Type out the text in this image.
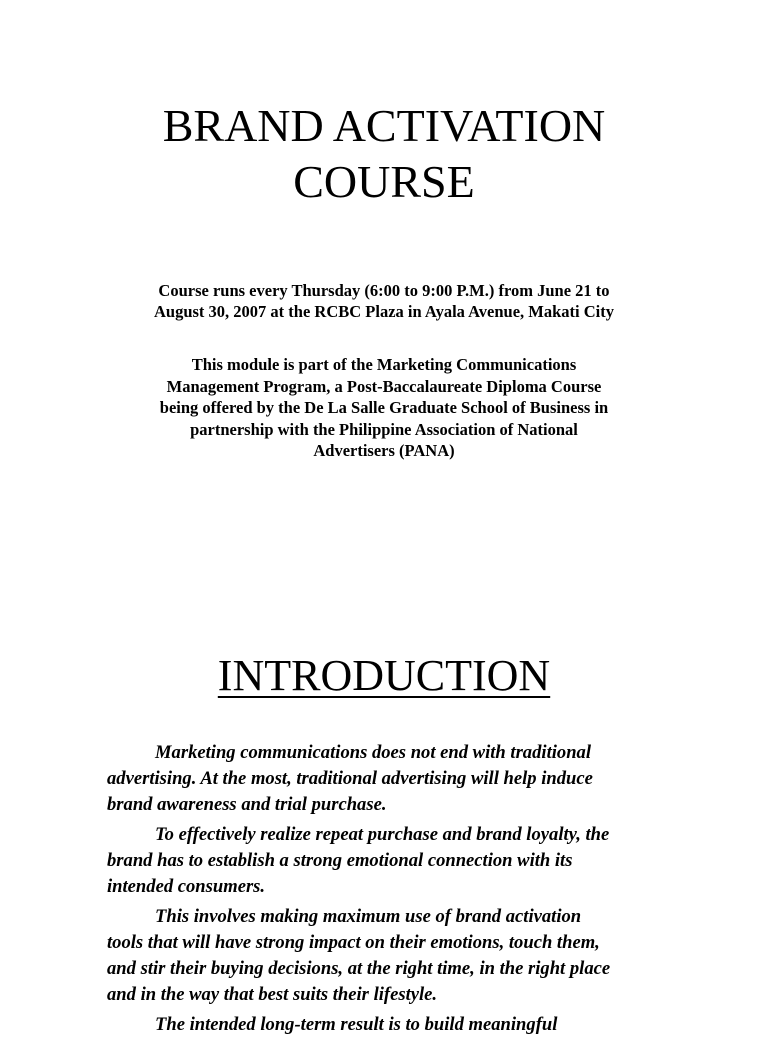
BRAND ACTIVATION
COURSE

Course runs every Thursday (6:00 to 9:00 P.M.) from June 21 to
August 30, 2007 at the RCBC Plaza in Ayala Avenue, Makati City

This module is part of the Marketing Communications
Management Program, a Post-Baccalaureate Diploma Course
being offered by the De La Salle Graduate School of Business in
partnership with the Philippine Association of National
Advertisers (PANA)

INTRODUCTION

Marketing communications does not end with traditional
advertising. At the most, traditional advertising will help induce
brand awareness and trial purchase.

To effectively realize repeat purchase and brand loyalty, the
brand has to establish a strong emotional connection with its
intended consumers.

This involves making maximum use of brand activation
tools that will have strong impact on their emotions, touch them,
and stir their buying decisions, at the right time, in the right place
and in the way that best suits their lifestyle.

The intended long-term result is to build meaningful
